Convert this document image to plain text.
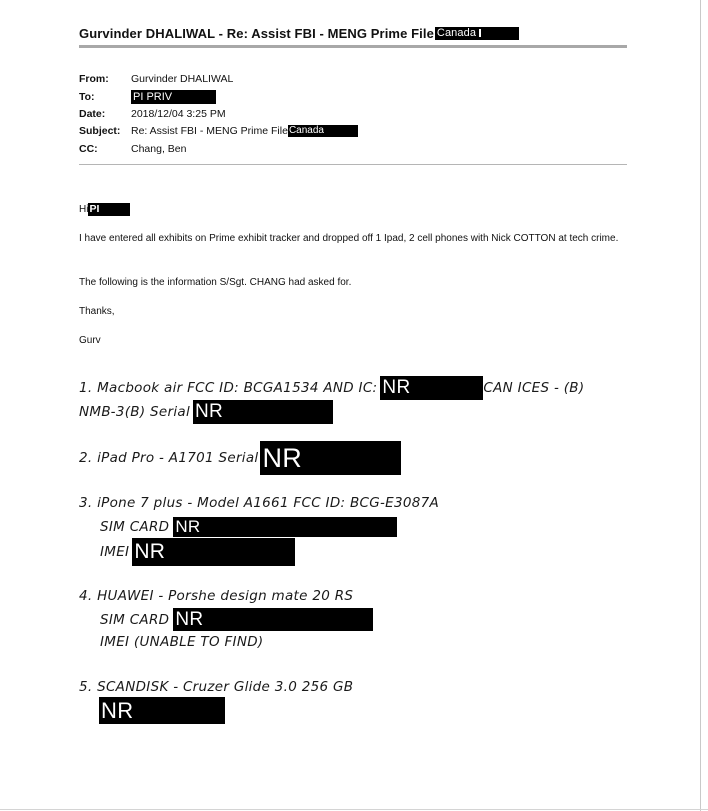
Gurvinder DHALIWAL - Re: Assist FBI - MENG Prime File Canada
From:	Gurvinder DHALIWAL
To:	PI PRIV
Date:	2018/12/04 3:25 PM
Subject:	Re: Assist FBI - MENG Prime File Canada
CC:	Chang, Ben
Hi PI
I have entered all exhibits on Prime exhibit tracker and dropped off 1 Ipad, 2 cell phones with Nick COTTON at tech crime.
The following is the information S/Sgt. CHANG had asked for.
Thanks,
Gurv
1. Macbook air FCC ID: BCGA1534 AND IC: NR	CAN ICES - (B)
NMB-3(B) Serial NR
2. iPad Pro - A1701 Serial NR
3. iPone 7 plus - Model A1661 FCC ID: BCG-E3087A
SIM CARD NR
IMEI NR
4. HUAWEI - Porshe design mate 20 RS
SIM CARD NR
IMEI (UNABLE TO FIND)
5. SCANDISK - Cruzer Glide 3.0 256 GB
NR
